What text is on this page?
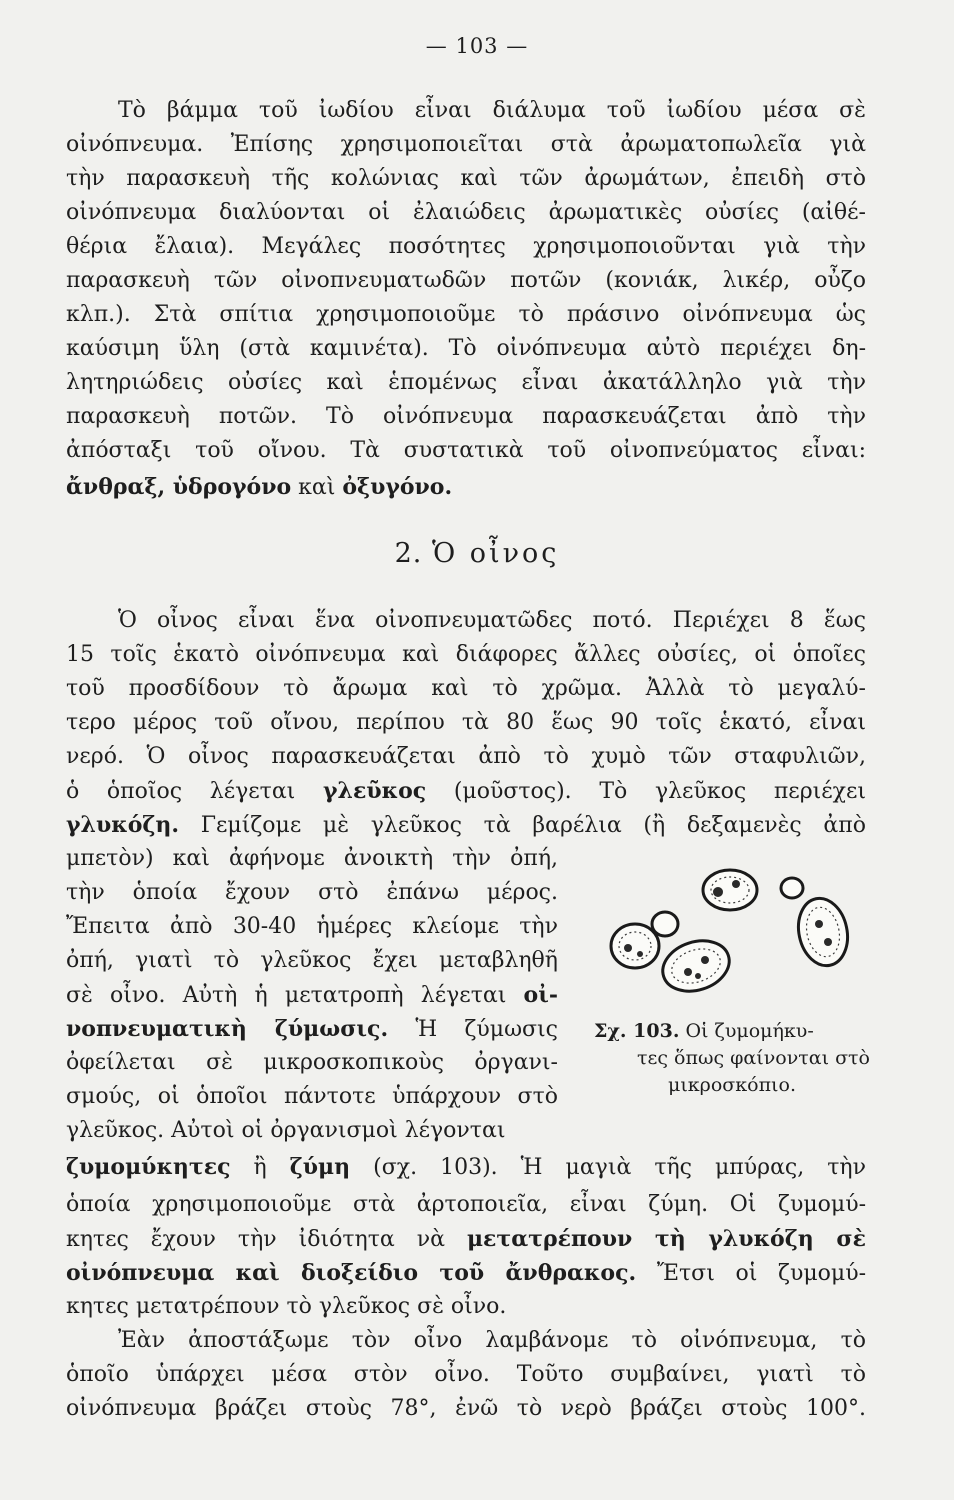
— 103 —
Τὸ βάμμα τοῦ ἰωδίου εἶναι διάλυμα τοῦ ἰωδίου μέσα σὲ
οἰνόπνευμα. Ἐπίσης χρησιμοποιεῖται στὰ ἀρωματοπωλεῖα γιὰ
τὴν παρασκευὴ τῆς κολώνιας καὶ τῶν ἀρωμάτων, ἐπειδὴ στὸ
οἰνόπνευμα διαλύονται οἱ ἐλαιώδεις ἀρωματικὲς οὐσίες (αἰθέ-
θέρια ἔλαια). Μεγάλες ποσότητες χρησιμοποιοῦνται γιὰ τὴν
παρασκευὴ τῶν οἰνοπνευματωδῶν ποτῶν (κονιάκ, λικέρ, οὖζο
κλπ.). Στὰ σπίτια χρησιμοποιοῦμε τὸ πράσινο οἰνόπνευμα ὡς
καύσιμη ὕλη (στὰ καμινέτα). Τὸ οἰνόπνευμα αὐτὸ περιέχει δη-
λητηριώδεις οὐσίες καὶ ἑπομένως εἶναι ἀκατάλληλο γιὰ τὴν
παρασκευὴ ποτῶν. Τὸ οἰνόπνευμα παρασκευάζεται ἀπὸ τὴν
ἀπόσταξι τοῦ οἴνου. Τὰ συστατικὰ τοῦ οἰνοπνεύματος εἶναι:
ἄνθραξ, ὑδρογόνο καὶ ὀξυγόνο.
2. Ὁ οἶνος
Ὁ οἶνος εἶναι ἕνα οἰνοπνευματῶδες ποτό. Περιέχει 8 ἕως
15 τοῖς ἑκατὸ οἰνόπνευμα καὶ διάφορες ἄλλες οὐσίες, οἱ ὁποῖες
τοῦ προσδίδουν τὸ ἄρωμα καὶ τὸ χρῶμα. Ἀλλὰ τὸ μεγαλύ-
τερο μέρος τοῦ οἴνου, περίπου τὰ 80 ἕως 90 τοῖς ἑκατό, εἶναι
νερό. Ὁ οἶνος παρασκευάζεται ἀπὸ τὸ χυμὸ τῶν σταφυλιῶν,
ὁ ὁποῖος λέγεται γλεῦκος (μοῦστος). Τὸ γλεῦκος περιέχει
γλυκόζη. Γεμίζομε μὲ γλεῦκος τὰ βαρέλια (ἢ δεξαμενὲς ἀπὸ
μπετὸν) καὶ ἀφήνομε ἀνοικτὴ τὴν ὀπή,
τὴν ὁποία ἔχουν στὸ ἐπάνω μέρος.
Ἔπειτα ἀπὸ 30-40 ἡμέρες κλείομε τὴν
ὀπή, γιατὶ τὸ γλεῦκος ἔχει μεταβληθῆ
σὲ οἶνο. Αὐτὴ ἡ μετατροπὴ λέγεται οἰ-
νοπνευματικὴ ζύμωσις. Ἡ ζύμωσις
ὀφείλεται σὲ μικροσκοπικοὺς ὀργανι-
σμούς, οἱ ὁποῖοι πάντοτε ὑπάρχουν στὸ
γλεῦκος. Αὐτοὶ οἱ ὀργανισμοὶ λέγονται
Σχ. 103. Οἱ ζυμομήκυ-
τες ὅπως φαίνονται στὸ
μικροσκόπιο.
ζυμομύκητες ἢ ζύμη (σχ. 103). Ἡ μαγιὰ τῆς μπύρας, τὴν
ὁποία χρησιμοποιοῦμε στὰ ἀρτοποιεῖα, εἶναι ζύμη. Οἱ ζυμομύ-
κητες ἔχουν τὴν ἰδιότητα νὰ μετατρέπουν τὴ γλυκόζη σὲ
οἰνόπνευμα καὶ διοξείδιο τοῦ ἄνθρακος. Ἔτσι οἱ ζυμομύ-
κητες μετατρέπουν τὸ γλεῦκος σὲ οἶνο.
Ἐὰν ἀποστάξωμε τὸν οἶνο λαμβάνομε τὸ οἰνόπνευμα, τὸ
ὁποῖο ὑπάρχει μέσα στὸν οἶνο. Τοῦτο συμβαίνει, γιατὶ τὸ
οἰνόπνευμα βράζει στοὺς 78°, ἐνῶ τὸ νερὸ βράζει στοὺς 100°.
